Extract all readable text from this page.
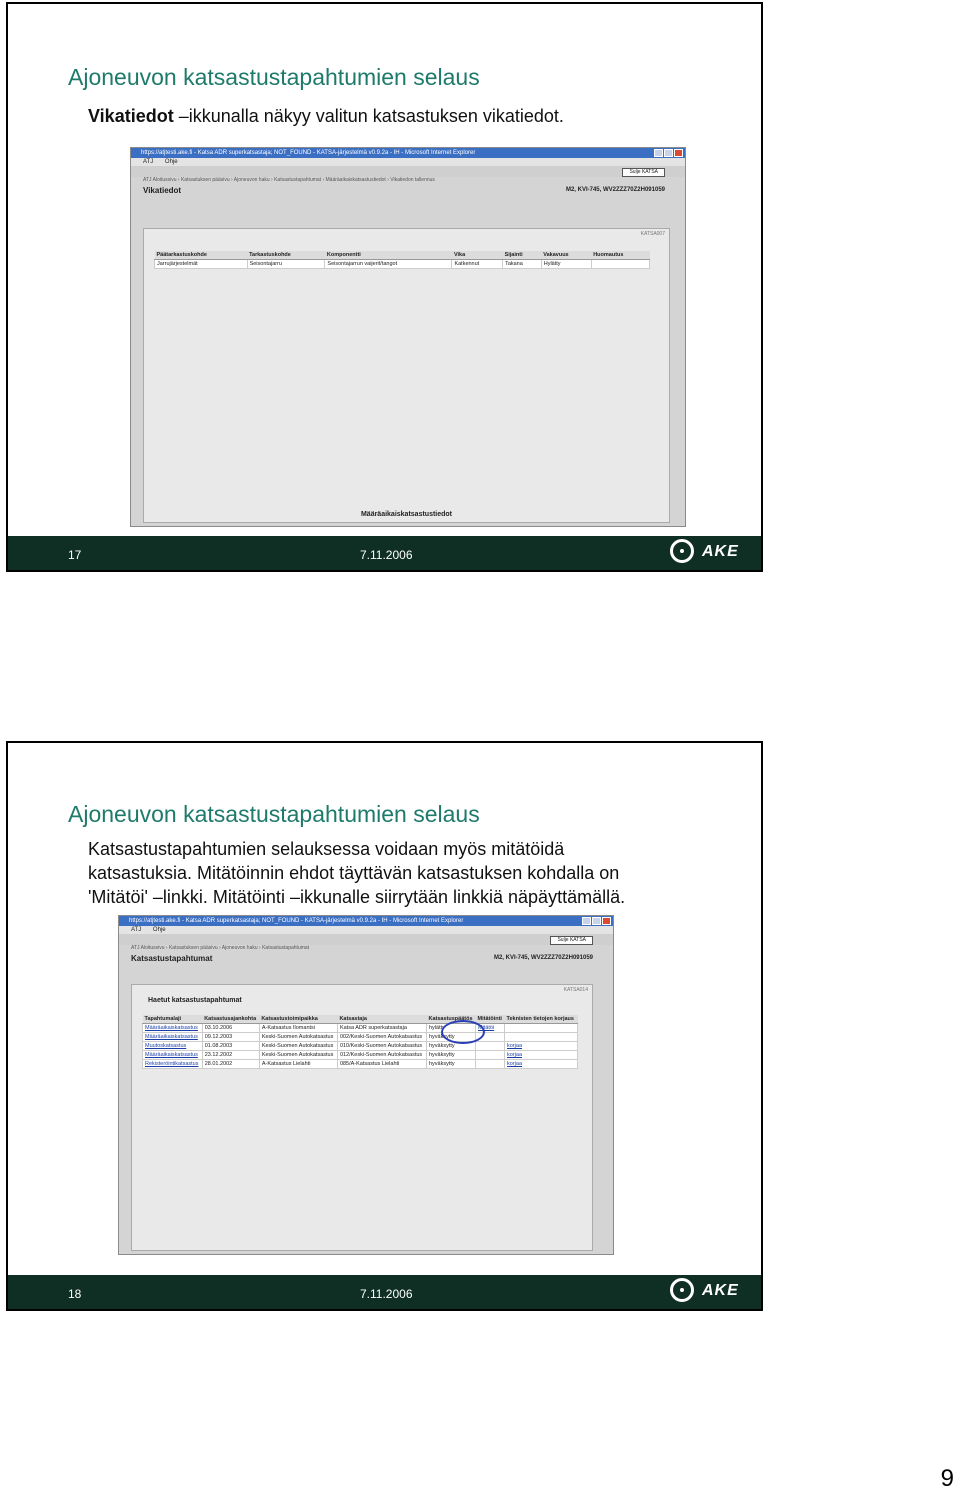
Ajoneuvon katsastustapahtumien selaus

Vikatiedot –ikkunalla näkyy valitun katsastuksen vikatiedot.

https://atjtesti.ake.fi - Katsa ADR superkatsastaja; NOT_FOUND - KATSA-järjestelmä v0.9.2a - IH - Microsoft Internet Explorer
ATJ Ohje
Sulje KATSA
ATJ Aloitussivu › Katsastuksen pääsivu › Ajoneuvon haku › Katsastustapahtumat › Määräaikaiskatsastustiedot › Vikatiedon tallennus
Vikatiedot	M2, KVI-745, WV2ZZZ70Z2H091059
KATSA007
Päätarkastuskohde	Tarkastuskohde	Komponentti	Vika	Sijainti	Vakavuus	Huomautus
Jarrujärjestelmät	Seisontajarru	Seisontajarrun vaijerit/tangot	Katkennut	Takana	Hylätty	
Määräaikaiskatsastustiedot
17	7.11.2006	AKE
Ajoneuvon katsastustapahtumien selaus
Katsastustapahtumien selauksessa voidaan myös mitätöidä
katsastuksia. Mitätöinnin ehdot täyttävän katsastuksen kohdalla on
'Mitätöi' –linkki. Mitätöinti –ikkunalle siirrytään linkkiä näpäyttämällä.
https://atjtesti.ake.fi - Katsa ADR superkatsastaja; NOT_FOUND - KATSA-järjestelmä v0.9.2a - IH - Microsoft Internet Explorer
ATJ Ohje
Sulje KATSA
ATJ Aloitussivu › Katsastuksen pääsivu › Ajoneuvon haku › Katsastustapahtumat
Katsastustapahtumat	M2, KVI-745, WV2ZZZ70Z2H091059
KATSA014
Haetut katsastustapahtumat
Tapahtumalaji	Katsastusajankohta	Katsastustoimipaikka	Katsastaja	Katsastuspäätös	Mitätöinti	Teknisten tietojen korjaus
Määräaikaiskatsastus	03.10.2006	A-Katsastus Ilomantsi	Katsa ADR superkatsastaja	hylätty	Mitätöi	
Määräaikaiskatsastus	09.12.2003	Keski-Suomen Autokatsastus	002/Keski-Suomen Autokatsastus	hyväksytty		
Muutoskatsastus	01.08.2003	Keski-Suomen Autokatsastus	010/Keski-Suomen Autokatsastus	hyväksytty		korjaa
Määräaikaiskatsastus	23.12.2002	Keski-Suomen Autokatsastus	012/Keski-Suomen Autokatsastus	hyväksytty		korjaa
Rekisteröintikatsastus	28.01.2002	A-Katsastus Lielahti	085/A-Katsastus Lielahti	hyväksytty		korjaa
18	7.11.2006	AKE
9
